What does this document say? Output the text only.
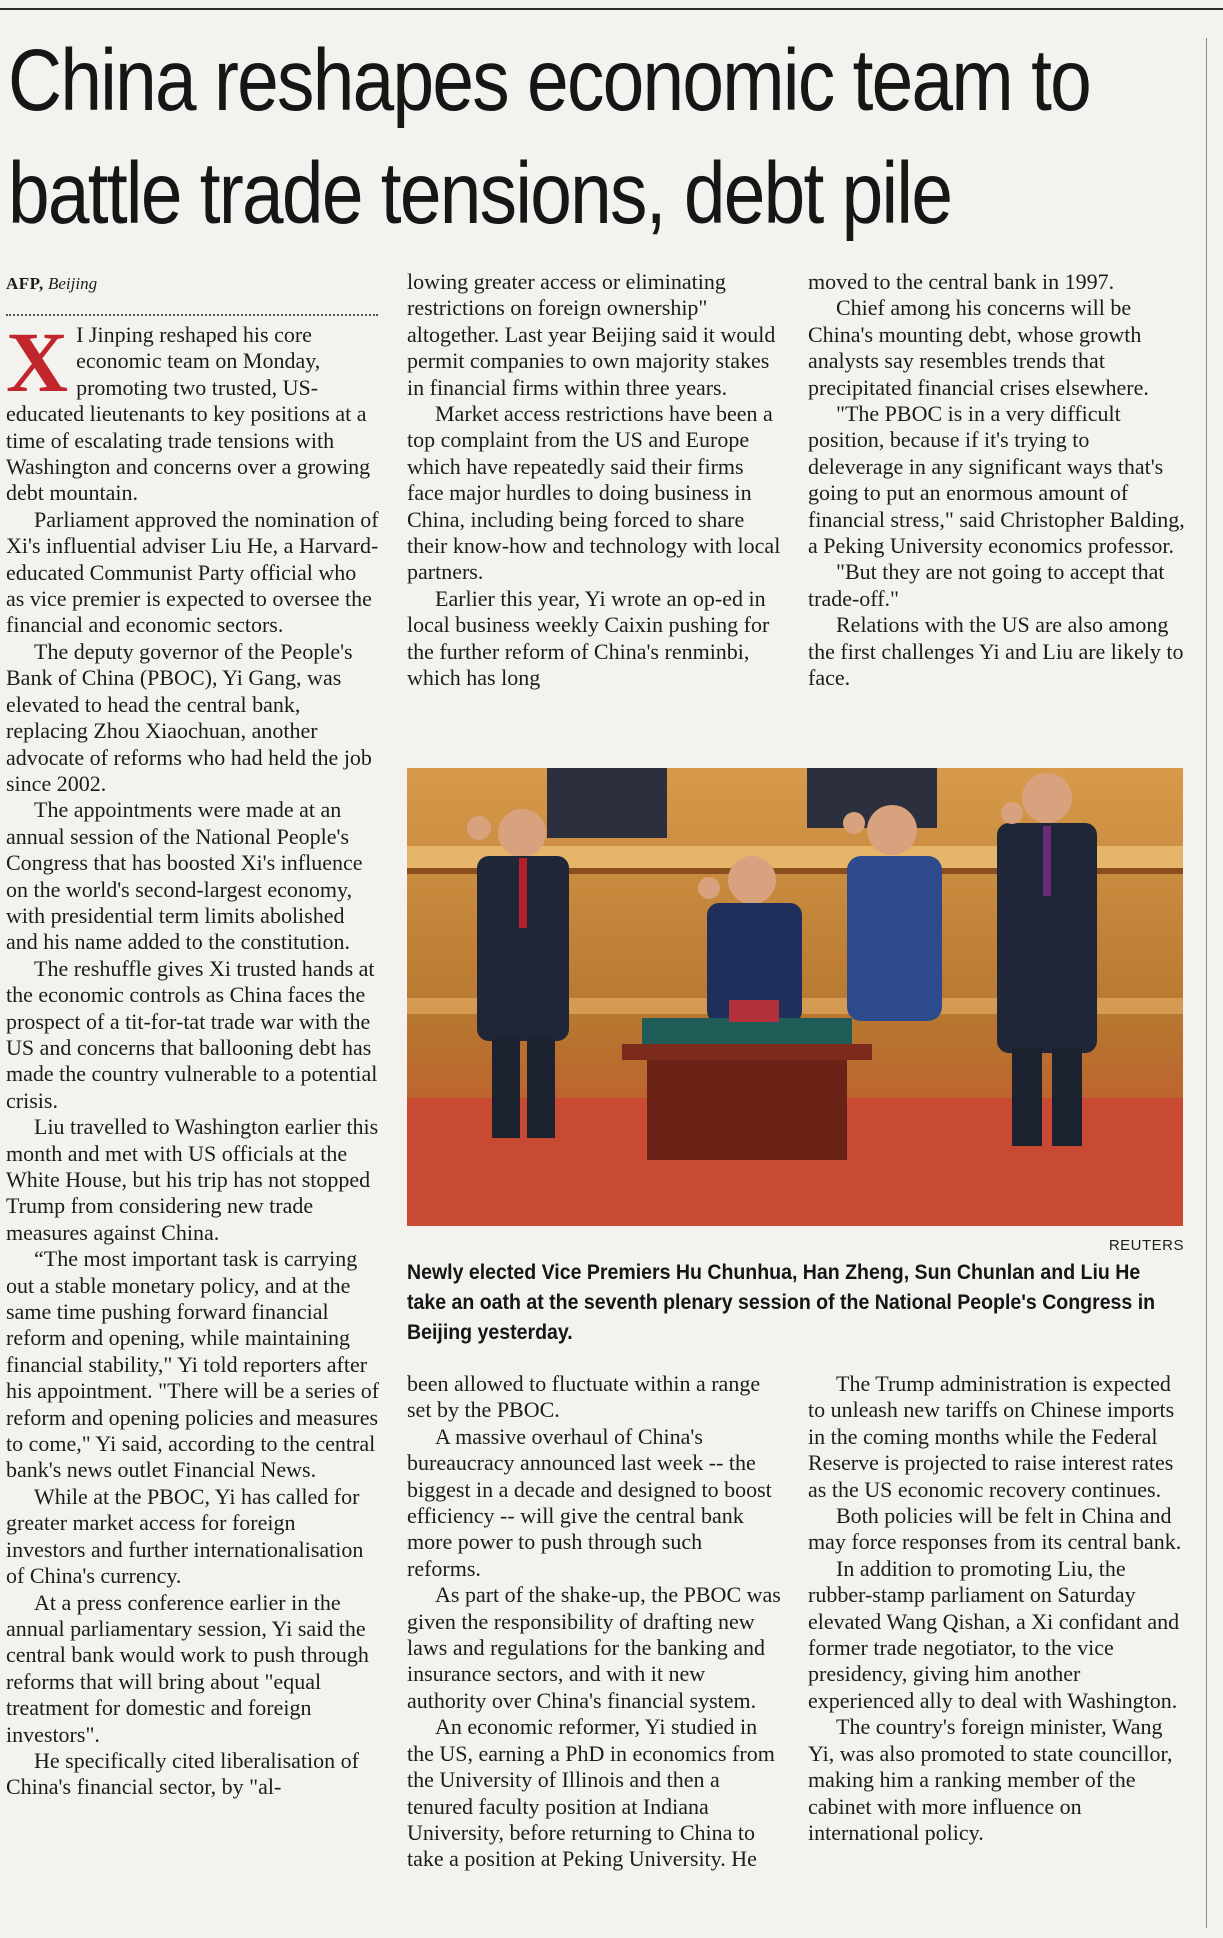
China reshapes economic team to battle trade tensions, debt pile
AFP, Beijing

X I Jinping reshaped his core economic team on Monday, promoting two trusted, US-educated lieutenants to key positions at a time of escalating trade tensions with Washington and concerns over a growing debt mountain.

Parliament approved the nomination of Xi's influential adviser Liu He, a Harvard-educated Communist Party official who as vice premier is expected to oversee the financial and economic sectors.

The deputy governor of the People's Bank of China (PBOC), Yi Gang, was elevated to head the central bank, replacing Zhou Xiaochuan, another advocate of reforms who had held the job since 2002.

The appointments were made at an annual session of the National People's Congress that has boosted Xi's influence on the world's second-largest economy, with presidential term limits abolished and his name added to the constitution.

The reshuffle gives Xi trusted hands at the economic controls as China faces the prospect of a tit-for-tat trade war with the US and concerns that ballooning debt has made the country vulnerable to a potential crisis.

Liu travelled to Washington earlier this month and met with US officials at the White House, but his trip has not stopped Trump from considering new trade measures against China.

“The most important task is carrying out a stable monetary policy, and at the same time pushing forward financial reform and opening, while maintaining financial stability," Yi told reporters after his appointment. "There will be a series of reform and opening policies and measures to come," Yi said, according to the central bank's news outlet Financial News.

While at the PBOC, Yi has called for greater market access for foreign investors and further internationalisation of China's currency.

At a press conference earlier in the annual parliamentary session, Yi said the central bank would work to push through reforms that will bring about "equal treatment for domestic and foreign investors".

He specifically cited liberalisation of China's financial sector, by "al-

lowing greater access or eliminating restrictions on foreign ownership" altogether. Last year Beijing said it would permit companies to own majority stakes in financial firms within three years.

Market access restrictions have been a top complaint from the US and Europe which have repeatedly said their firms face major hurdles to doing business in China, including being forced to share their know-how and technology with local partners.

Earlier this year, Yi wrote an op-ed in local business weekly Caixin pushing for the further reform of China's renminbi, which has long

moved to the central bank in 1997.

Chief among his concerns will be China's mounting debt, whose growth analysts say resembles trends that precipitated financial crises elsewhere.

"The PBOC is in a very difficult position, because if it's trying to deleverage in any significant ways that's going to put an enormous amount of financial stress," said Christopher Balding, a Peking University economics professor.

"But they are not going to accept that trade-off."

Relations with the US are also among the first challenges Yi and Liu are likely to face.

REUTERS
Newly elected Vice Premiers Hu Chunhua, Han Zheng, Sun Chunlan and Liu He take an oath at the seventh plenary session of the National People's Congress in Beijing yesterday.

been allowed to fluctuate within a range set by the PBOC.

A massive overhaul of China's bureaucracy announced last week -- the biggest in a decade and designed to boost efficiency -- will give the central bank more power to push through such reforms.

As part of the shake-up, the PBOC was given the responsibility of drafting new laws and regulations for the banking and insurance sectors, and with it new authority over China's financial system.

An economic reformer, Yi studied in the US, earning a PhD in economics from the University of Illinois and then a tenured faculty position at Indiana University, before returning to China to take a position at Peking University. He

The Trump administration is expected to unleash new tariffs on Chinese imports in the coming months while the Federal Reserve is projected to raise interest rates as the US economic recovery continues.

Both policies will be felt in China and may force responses from its central bank.

In addition to promoting Liu, the rubber-stamp parliament on Saturday elevated Wang Qishan, a Xi confidant and former trade negotiator, to the vice presidency, giving him another experienced ally to deal with Washington.

The country's foreign minister, Wang Yi, was also promoted to state councillor, making him a ranking member of the cabinet with more influence on international policy.
